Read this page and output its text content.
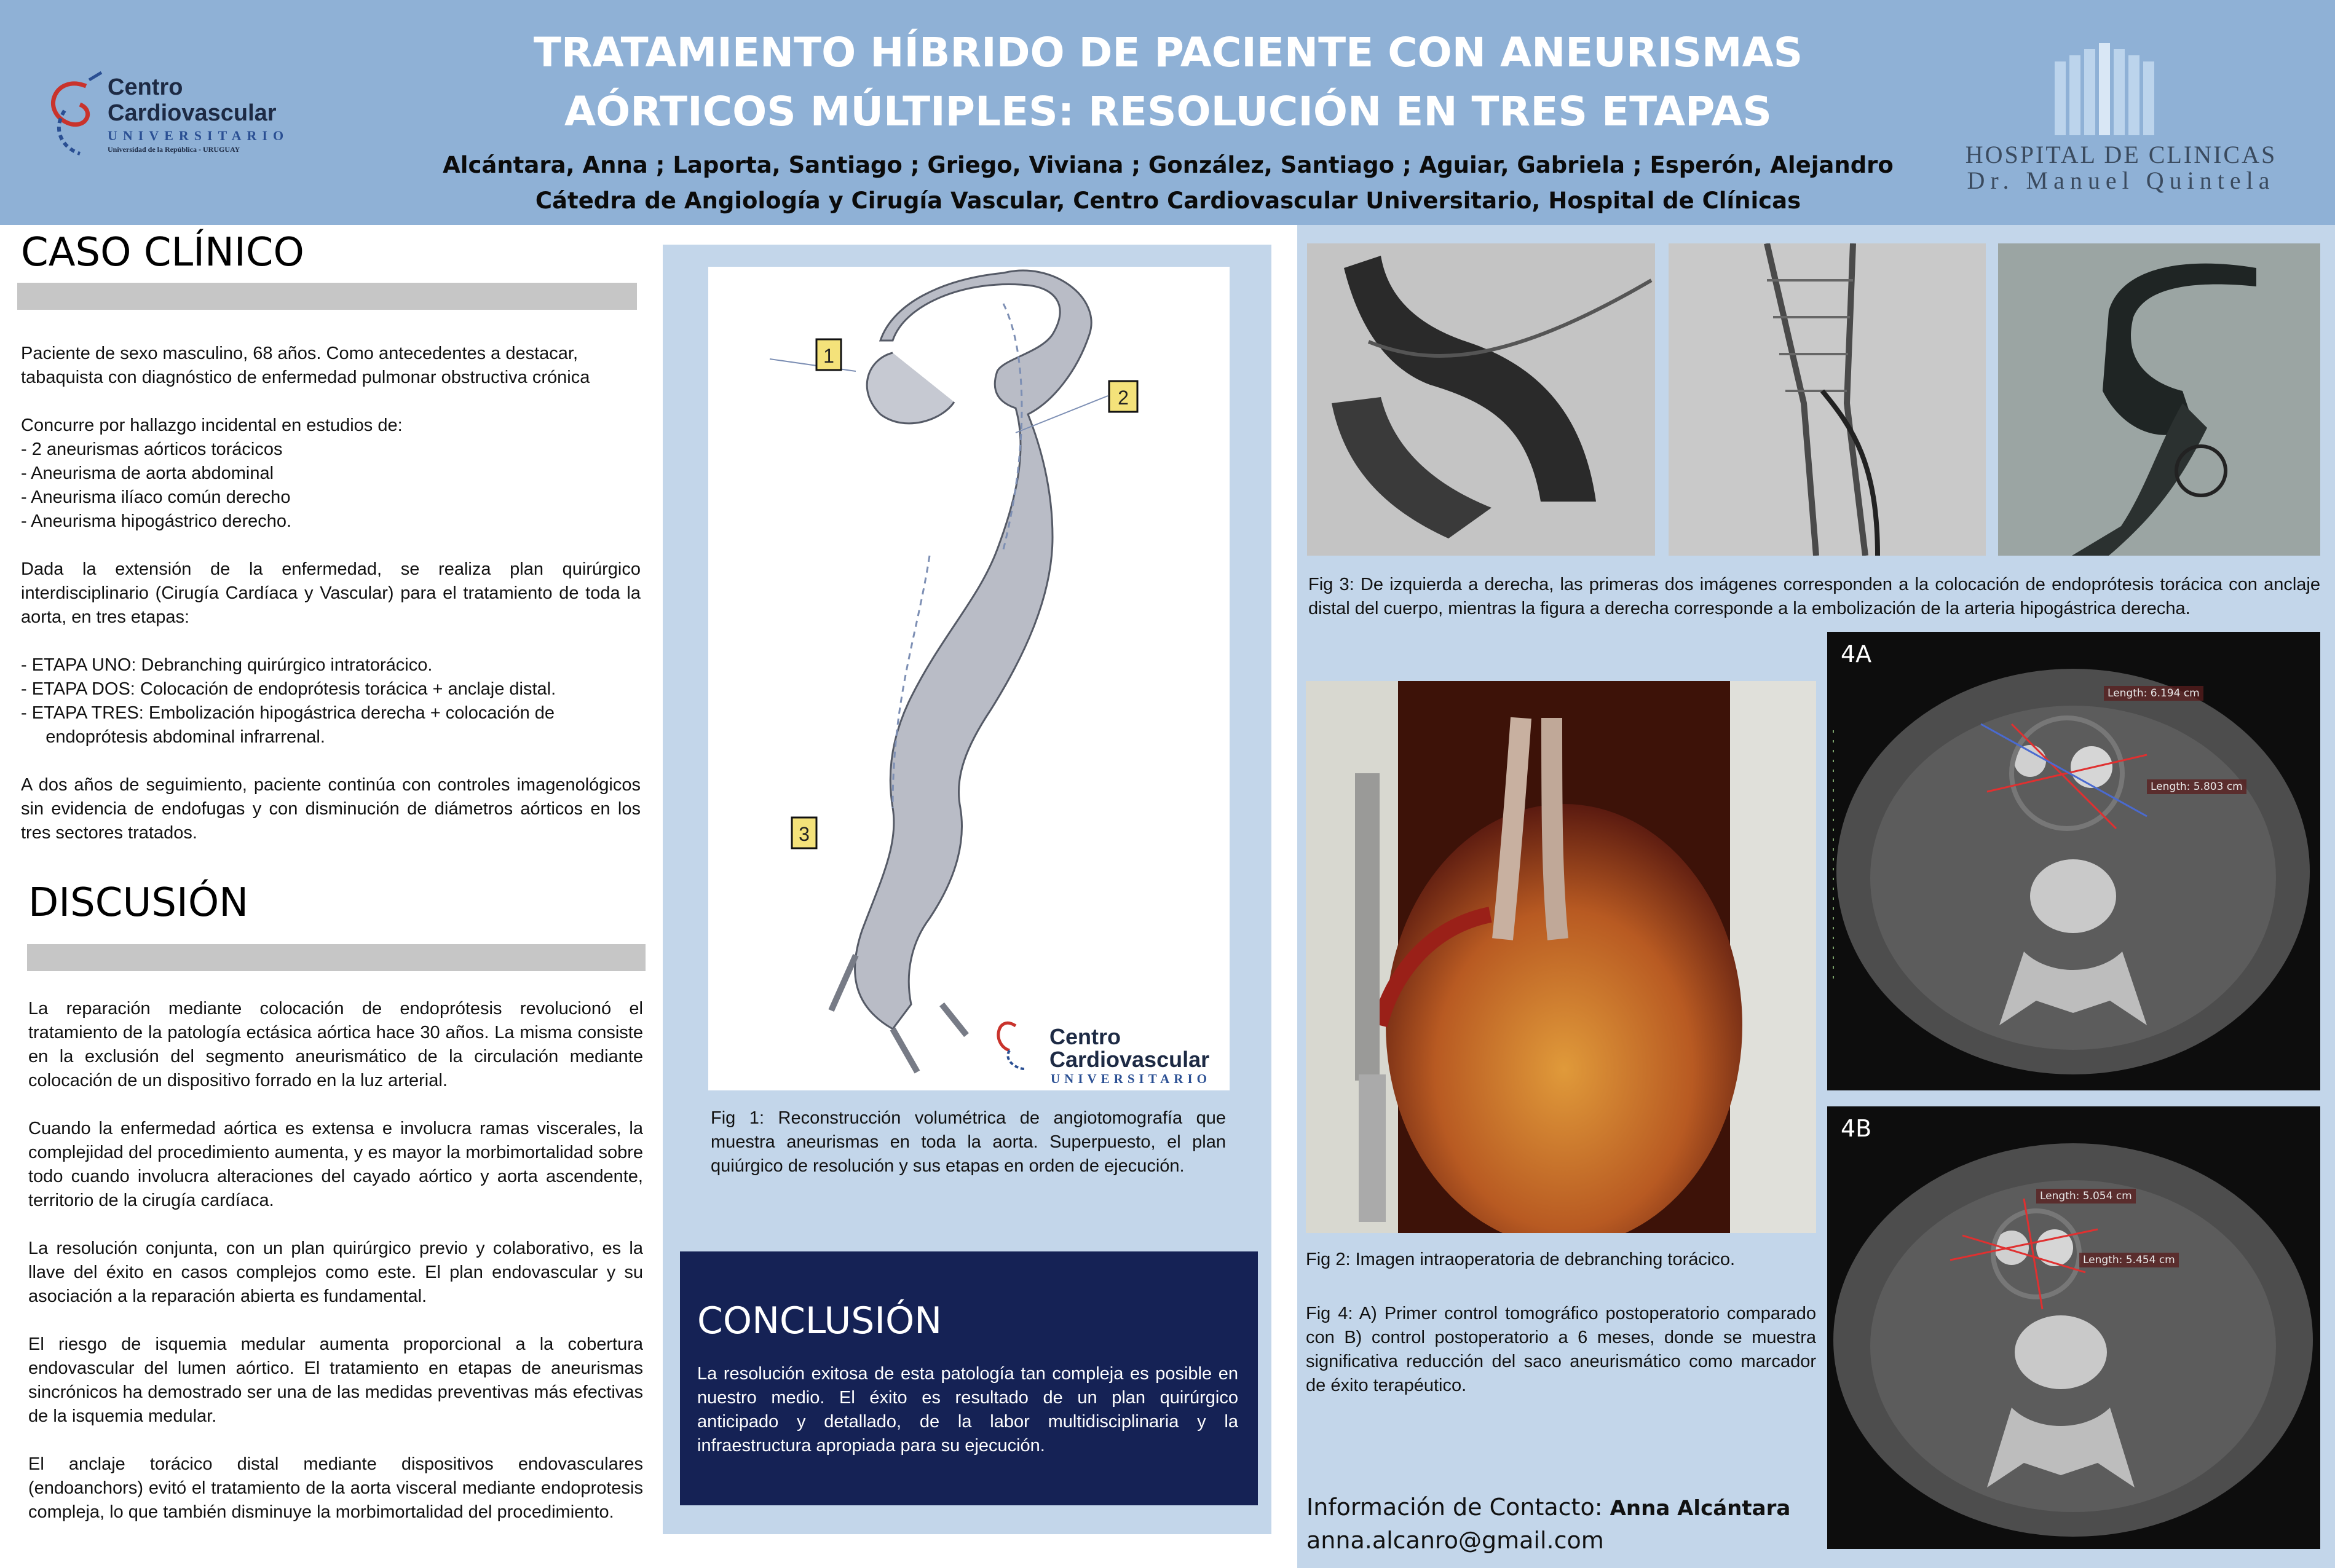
Centro
Cardiovascular
UNIVERSITARIO
Universidad de la República - URUGUAY
TRATAMIENTO HÍBRIDO DE PACIENTE CON ANEURISMAS
AÓRTICOS MÚLTIPLES: RESOLUCIÓN EN TRES ETAPAS
Alcántara, Anna ; Laporta, Santiago ; Griego, Viviana ; González, Santiago ; Aguiar, Gabriela ; Esperón, Alejandro
Cátedra de Angiología y Cirugía Vascular, Centro Cardiovascular Universitario, Hospital de Clínicas
HOSPITAL DE CLINICAS
Dr. Manuel Quintela
CASO CLÍNICO

Paciente de sexo masculino, 68 años. Como antecedentes a destacar,

tabaquista con diagnóstico de enfermedad pulmonar obstructiva crónica

Concurre por hallazgo incidental en estudios de:

- 2 aneurismas aórticos torácicos

- Aneurisma de aorta abdominal

- Aneurisma ilíaco común derecho

- Aneurisma hipogástrico derecho.

Dada la extensión de la enfermedad, se realiza plan quirúrgico interdisciplinario (Cirugía Cardíaca y Vascular) para el tratamiento de toda la aorta, en tres etapas:

- ETAPA UNO: Debranching quirúrgico intratorácico.

- ETAPA DOS: Colocación de endoprótesis torácica + anclaje distal.

- ETAPA TRES: Embolización hipogástrica derecha + colocación de

endoprótesis abdominal infrarrenal.

A dos años de seguimiento, paciente continúa con controles imagenológicos sin evidencia de endofugas y con disminución de diámetros aórticos en los tres sectores tratados.

DISCUSIÓN

La reparación mediante colocación de endoprótesis revolucionó el tratamiento de la patología ectásica aórtica hace 30 años. La misma consiste en la exclusión del segmento aneurismático de la circulación mediante colocación de un dispositivo forrado en la luz arterial.

Cuando la enfermedad aórtica es extensa e involucra ramas viscerales, la complejidad del procedimiento aumenta, y es mayor la morbimortalidad sobre todo cuando involucra alteraciones del cayado aórtico y aorta ascendente, territorio de la cirugía cardíaca.

La resolución conjunta, con un plan quirúrgico previo y colaborativo, es la llave del éxito en casos complejos como este. El plan endovascular y su asociación a la reparación abierta es fundamental.

El riesgo de isquemia medular aumenta proporcional a la cobertura endovascular del lumen aórtico. El tratamiento en etapas de aneurismas sincrónicos ha demostrado ser una de las medidas preventivas más efectivas de la isquemia medular.

El anclaje torácico distal mediante dispositivos endovasculares (endoanchors) evitó el tratamiento de la aorta visceral mediante endoprotesis compleja, lo que también disminuye la morbimortalidad del procedimiento.

1
2
3
Centro
Cardiovascular
UNIVERSITARIO
Fig 1: Reconstrucción volumétrica de angiotomografía que muestra aneurismas en toda la aorta. Superpuesto, el plan quiúrgico de resolución y sus etapas en orden de ejecución.
CONCLUSIÓN
La resolución exitosa de esta patología tan compleja es posible en nuestro medio. El éxito es resultado de un plan quirúrgico anticipado y detallado, de la labor multidisciplinaria y la infraestructura apropiada para su ejecución.
Fig 3: De izquierda a derecha, las primeras dos imágenes corresponden a la colocación de endoprótesis torácica con anclaje distal del cuerpo, mientras la figura a derecha corresponde a la embolización de la arteria hipogástrica derecha.
Fig 2: Imagen intraoperatoria de debranching torácico.
4A
Length: 6.194 cm
Length: 5.803 cm
4B
Length: 5.054 cm
Length: 5.454 cm
Fig 4: A) Primer control tomográfico postoperatorio comparado con B) control postoperatorio a 6 meses, donde se muestra significativa reducción del saco aneurismático como marcador de éxito terapéutico.
Información de Contacto: Anna Alcántara
anna.alcanro@gmail.com
